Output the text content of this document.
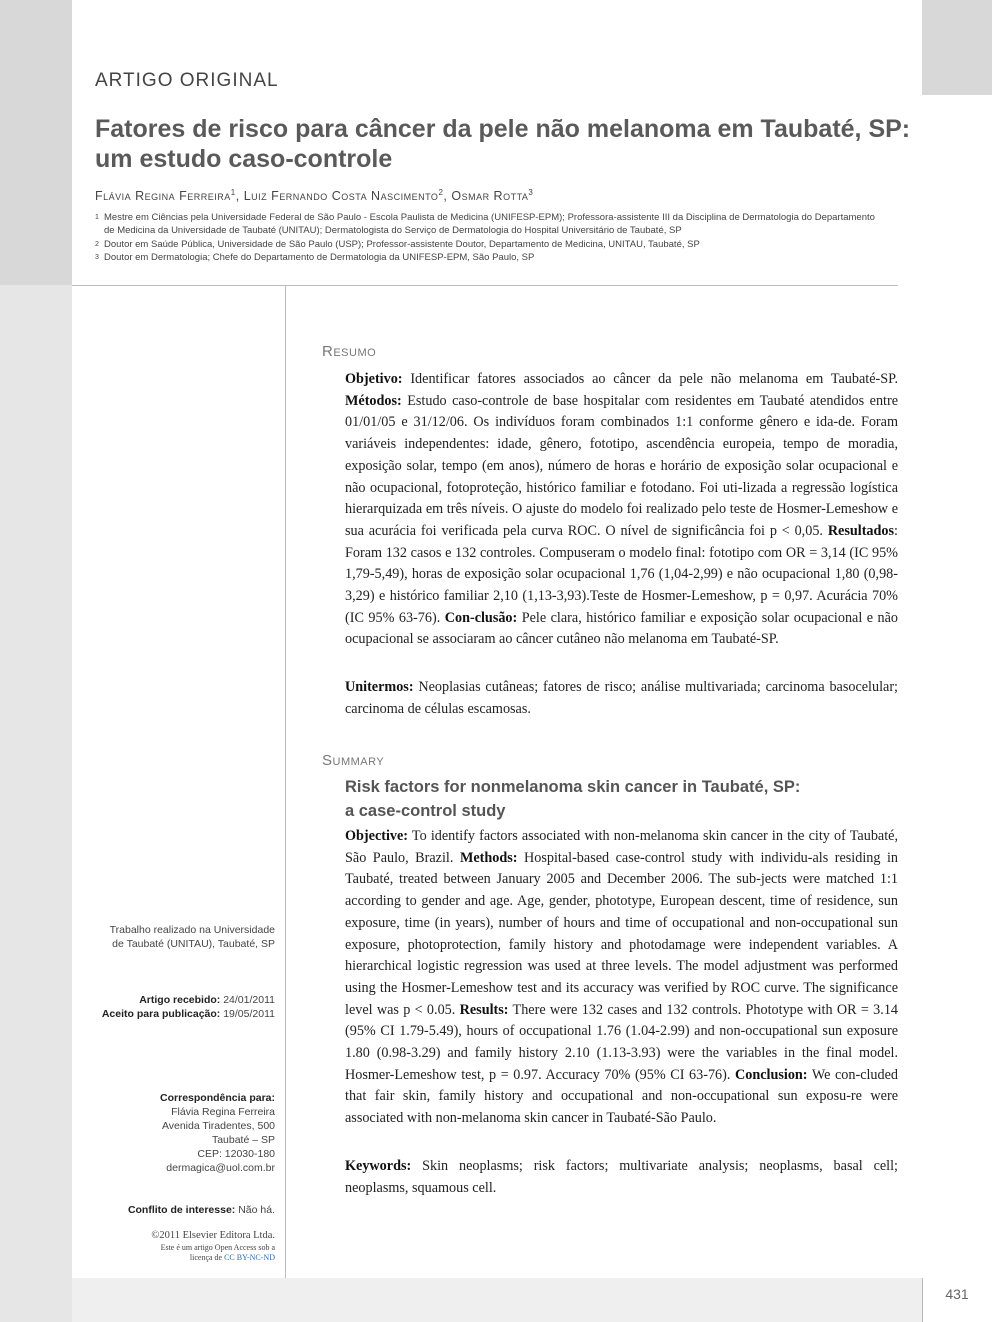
ARTIGO ORIGINAL
Fatores de risco para câncer da pele não melanoma em Taubaté, SP:
um estudo caso-controle
Flávia Regina Ferreira$^1$, Luiz Fernando Costa Nascimento$^2$, Osmar Rotta$^3$
1 Mestre em Ciências pela Universidade Federal de São Paulo - Escola Paulista de Medicina (UNIFESP-EPM); Professora-assistente III da Disciplina de Dermatologia do Departamento
de Medicina da Universidade de Taubaté (UNITAU); Dermatologista do Serviço de Dermatologia do Hospital Universitário de Taubaté, SP
2 Doutor em Saúde Pública, Universidade de São Paulo (USP); Professor-assistente Doutor, Departamento de Medicina, UNITAU, Taubaté, SP
3 Doutor em Dermatologia; Chefe do Departamento de Dermatologia da UNIFESP-EPM, São Paulo, SP
Resumo
Objetivo: Identificar fatores associados ao câncer da pele não melanoma em Taubaté-SP. Métodos: Estudo caso-controle de base hospitalar com residentes em Taubaté atendidos entre 01/01/05 e 31/12/06. Os indivíduos foram combinados 1:1 conforme gênero e ida-de. Foram variáveis independentes: idade, gênero, fototipo, ascendência europeia, tempo de moradia, exposição solar, tempo (em anos), número de horas e horário de exposição solar ocupacional e não ocupacional, fotoproteção, histórico familiar e fotodano. Foi uti-lizada a regressão logística hierarquizada em três níveis. O ajuste do modelo foi realizado pelo teste de Hosmer-Lemeshow e sua acurácia foi verificada pela curva ROC. O nível de significância foi p < 0,05. Resultados: Foram 132 casos e 132 controles. Compuseram o modelo final: fototipo com OR = 3,14 (IC 95% 1,79-5,49), horas de exposição solar ocupacional 1,76 (1,04-2,99) e não ocupacional 1,80 (0,98-3,29) e histórico familiar 2,10 (1,13-3,93).Teste de Hosmer-Lemeshow, p = 0,97. Acurácia 70% (IC 95% 63-76). Con-clusão: Pele clara, histórico familiar e exposição solar ocupacional e não ocupacional se associaram ao câncer cutâneo não melanoma em Taubaté-SP.
Unitermos: Neoplasias cutâneas; fatores de risco; análise multivariada; carcinoma basocelular; carcinoma de células escamosas.
Summary
Risk factors for nonmelanoma skin cancer in Taubaté, SP:
a case-control study
Objective: To identify factors associated with non-melanoma skin cancer in the city of Taubaté, São Paulo, Brazil. Methods: Hospital-based case-control study with individu-als residing in Taubaté, treated between January 2005 and December 2006. The sub-jects were matched 1:1 according to gender and age. Age, gender, phototype, European descent, time of residence, sun exposure, time (in years), number of hours and time of occupational and non-occupational sun exposure, photoprotection, family history and photodamage were independent variables. A hierarchical logistic regression was used at three levels. The model adjustment was performed using the Hosmer-Lemeshow test and its accuracy was verified by ROC curve. The significance level was p < 0.05. Results: There were 132 cases and 132 controls. Phototype with OR = 3.14 (95% CI 1.79-5.49), hours of occupational 1.76 (1.04-2.99) and non-occupational sun exposure 1.80 (0.98-3.29) and family history 2.10 (1.13-3.93) were the variables in the final model. Hosmer-Lemeshow test, p = 0.97. Accuracy 70% (95% CI 63-76). Conclusion: We con-cluded that fair skin, family history and occupational and non-occupational sun exposu-re were associated with non-melanoma skin cancer in Taubaté-São Paulo.
Keywords: Skin neoplasms; risk factors; multivariate analysis; neoplasms, basal cell; neoplasms, squamous cell.
Trabalho realizado na Universidade
de Taubaté (UNITAU), Taubaté, SP
Artigo recebido: 24/01/2011
Aceito para publicação: 19/05/2011
Correspondência para:
Flávia Regina Ferreira
Avenida Tiradentes, 500
Taubaté – SP
CEP: 12030-180
dermagica@uol.com.br
Conflito de interesse: Não há.
©2011 Elsevier Editora Ltda.
Este é um artigo Open Access sob a
licença de CC BY-NC-ND
431
